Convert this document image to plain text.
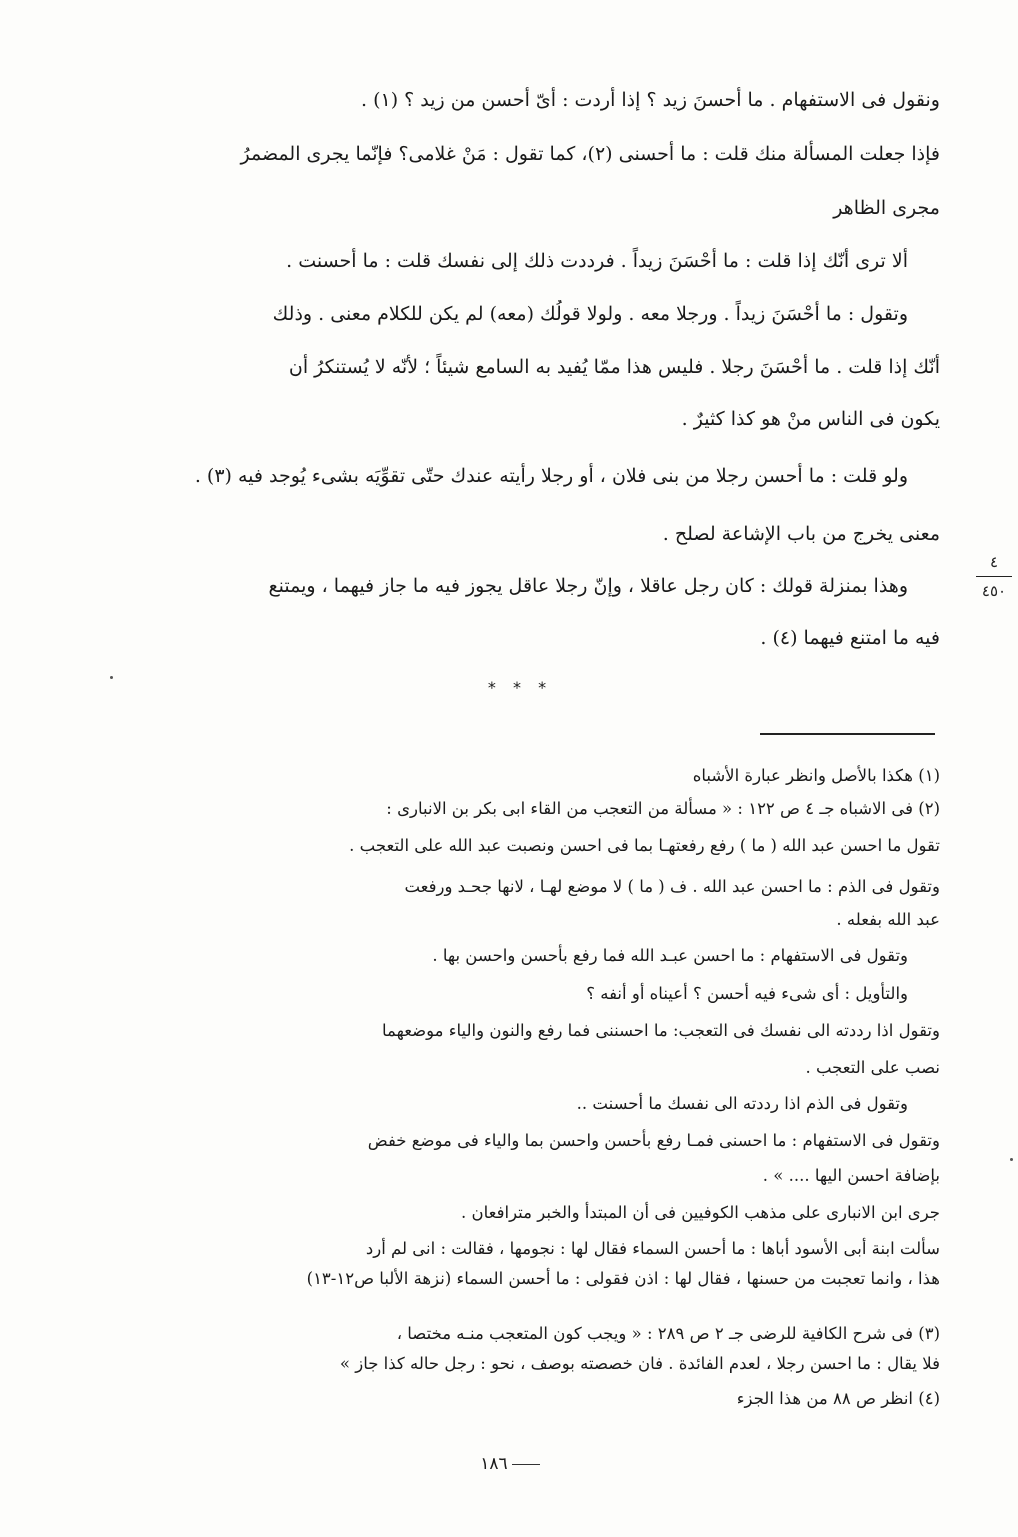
ونقول فى الاستفهام . ما أحسنَ زيد ؟ إذا أردت : أىّ أحسن من زيد ؟ (١) .
فإذا جعلت المسألة منك قلت : ما أحسنى (٢)، كما تقول : مَنْ غلامى؟ فإنّما يجرى المضمرُ
مجرى الظاهر
ألا ترى أنّك إذا قلت : ما أحْسَنَ زيداً . فرددت ذلك إلى نفسك قلت : ما أحسنت .
وتقول : ما أحْسَنَ زيداً . ورجلا معه . ولولا قولُك (معه) لم يكن للكلام معنى . وذلك
أنّك إذا قلت . ما أحْسَنَ رجلا . فليس هذا ممّا يُفيد به السامع شيئاً ؛ لأنّه لا يُستنكرُ أن
يكون فى الناس منْ هو كذا كثيرٌ .
ولو قلت : ما أحسن رجلا من بنى فلان ، أو رجلا رأيته عندك حتّى تقوِّيَه بشىء يُوجد فيه (٣) .
معنى يخرج من باب الإشاعة لصلح .
وهذا بمنزلة قولك : كان رجل عاقلا ، وإنّ رجلا عاقل يجوز فيه ما جاز فيهما ، ويمتنع
فيه ما امتنع فيهما (٤) .
٤
٤٥٠
* * *
(١) هكذا بالأصل وانظر عبارة الأشباه
(٢) فى الاشباه جـ ٤ ص ١٢٢ : « مسألة من التعجب من القاء ابى بكر بن الانبارى :
تقول ما احسن عبد الله ( ما ) رفع رفعتهـا بما فى احسن ونصبت عبد الله على التعجب .
وتقول فى الذم : ما احسن عبد الله . ف ( ما ) لا موضع لهـا ، لانها جحـد ورفعت
عبد الله بفعله .
وتقول فى الاستفهام : ما احسن عبـد الله فما رفع بأحسن واحسن بها .
والتأويل : أى شىء فيه أحسن ؟ أعيناه أو أنفه ؟
وتقول اذا رددته الى نفسك فى التعجب: ما احسننى فما رفع والنون والياء موضعهما
نصب على التعجب .
وتقول فى الذم اذا رددته الى نفسك ما أحسنت ..
وتقول فى الاستفهام : ما احسنى فمـا رفع بأحسن واحسن بما والياء فى موضع خفض
بإضافة احسن اليها .... » .
جرى ابن الانبارى على مذهب الكوفيين فى أن المبتدأ والخبر مترافعان .
سألت ابنة أبى الأسود أباها : ما أحسن السماء فقال لها : نجومها ، فقالت : انى لم أرد
هذا ، وانما تعجبت من حسنها ، فقال لها : اذن فقولى : ما أحسن السماء (نزهة الألبا ص١٢-١٣)
(٣) فى شرح الكافية للرضى جـ ٢ ص ٢٨٩ : « ويجب كون المتعجب منـه مختصا ،
فلا يقال : ما احسن رجلا ، لعدم الفائدة . فان خصصته بوصف ، نحو : رجل حاله كذا جاز »
(٤) انظر ص ٨٨ من هذا الجزء
١٨٦
